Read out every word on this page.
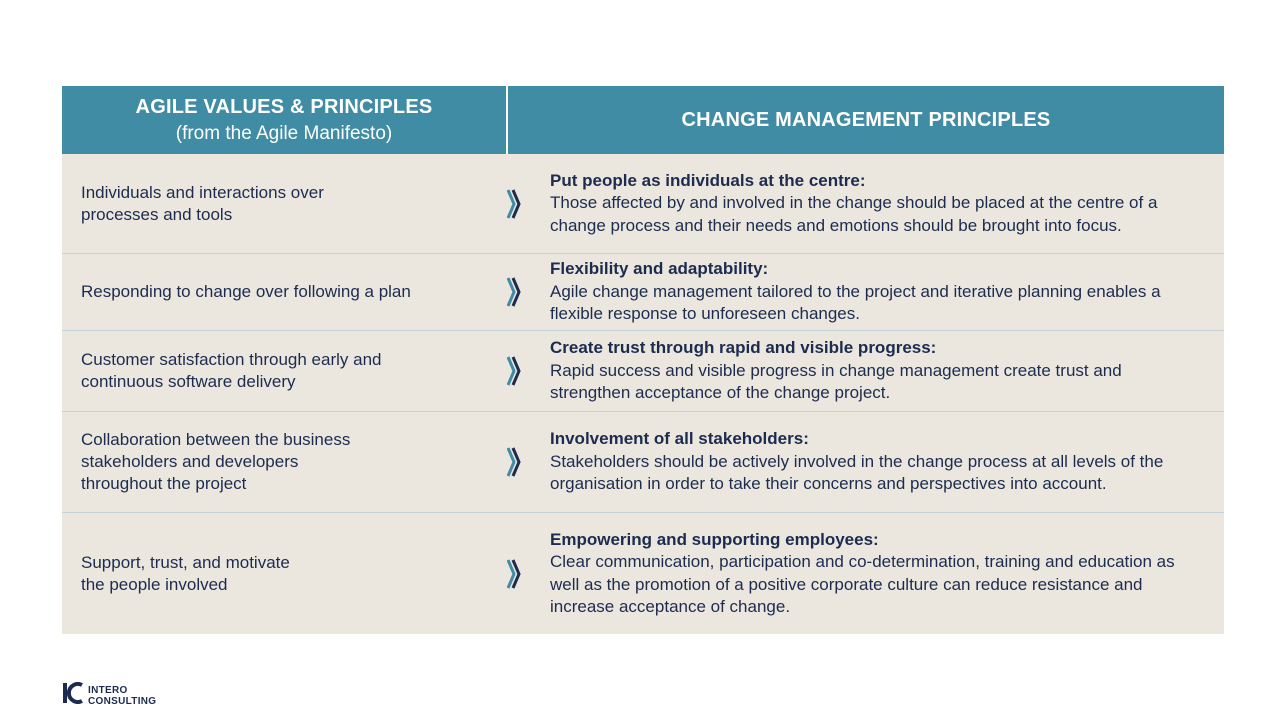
AGILE VALUES & PRINCIPLES
(from the Agile Manifesto)
CHANGE MANAGEMENT PRINCIPLES
Individuals and interactions over
processes and tools
Put people as individuals at the centre:
Those affected by and involved in the change should be placed at the centre of a change process and their needs and emotions should be brought into focus.
Responding to change over following a plan
Flexibility and adaptability:
Agile change management tailored to the project and iterative planning enables a flexible response to unforeseen changes.
Customer satisfaction through early and
continuous software delivery
Create trust through rapid and visible progress:
Rapid success and visible progress in change management create trust and strengthen acceptance of the change project.
Collaboration between the business
stakeholders and developers
throughout the project
Involvement of all stakeholders:
Stakeholders should be actively involved in the change process at all levels of the organisation in order to take their concerns and perspectives into account.
Support, trust, and motivate
the people involved
Empowering and supporting employees:
Clear communication, participation and co-determination, training and education as well as the promotion of a positive corporate culture can reduce resistance and increase acceptance of change.
INTERO
CONSULTING
